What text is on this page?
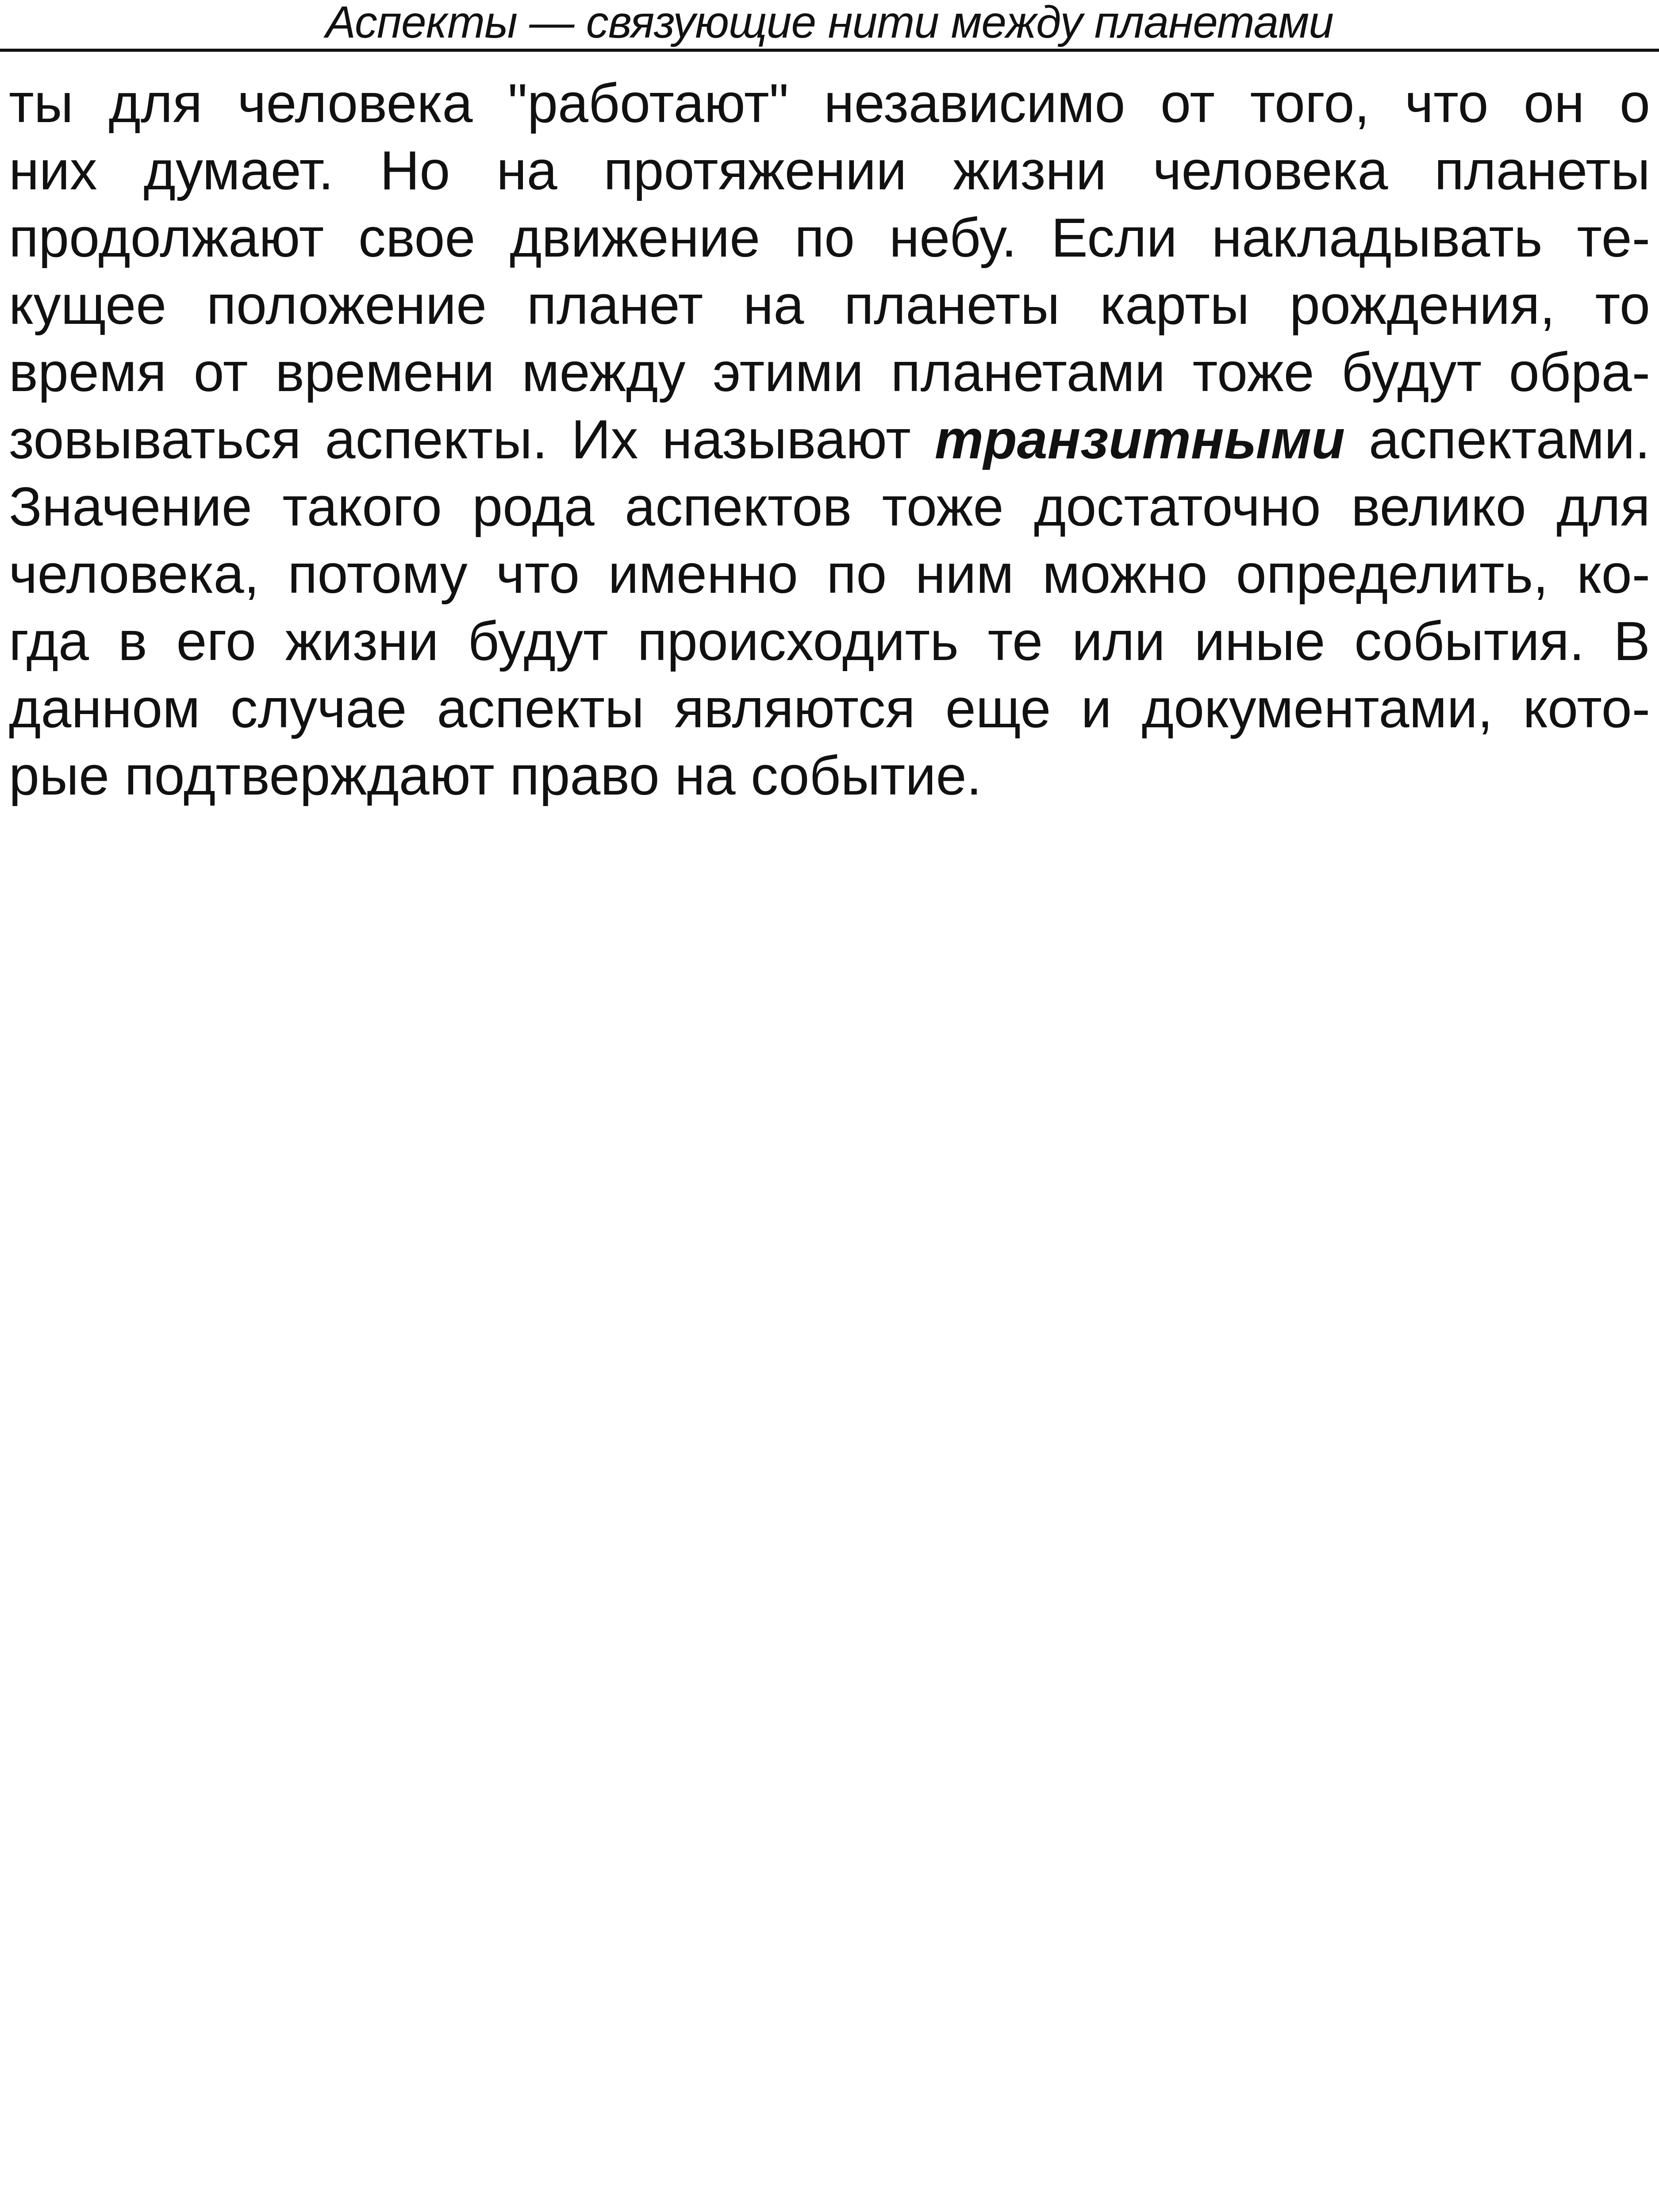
Аспекты — связующие нити между планетами
ты для человека "работают" независимо от того, что он о
них думает. Но на протяжении жизни человека планеты
продолжают свое движение по небу. Если накладывать те-
кущее положение планет на планеты карты рождения, то
время от времени между этими планетами тоже будут обра-
зовываться аспекты. Их называют транзитными аспектами.
Значение такого рода аспектов тоже достаточно велико для
человека, потому что именно по ним можно определить, ко-
гда в его жизни будут происходить те или иные события. В
данном случае аспекты являются еще и документами, кото-
рые подтверждают право на событие.
